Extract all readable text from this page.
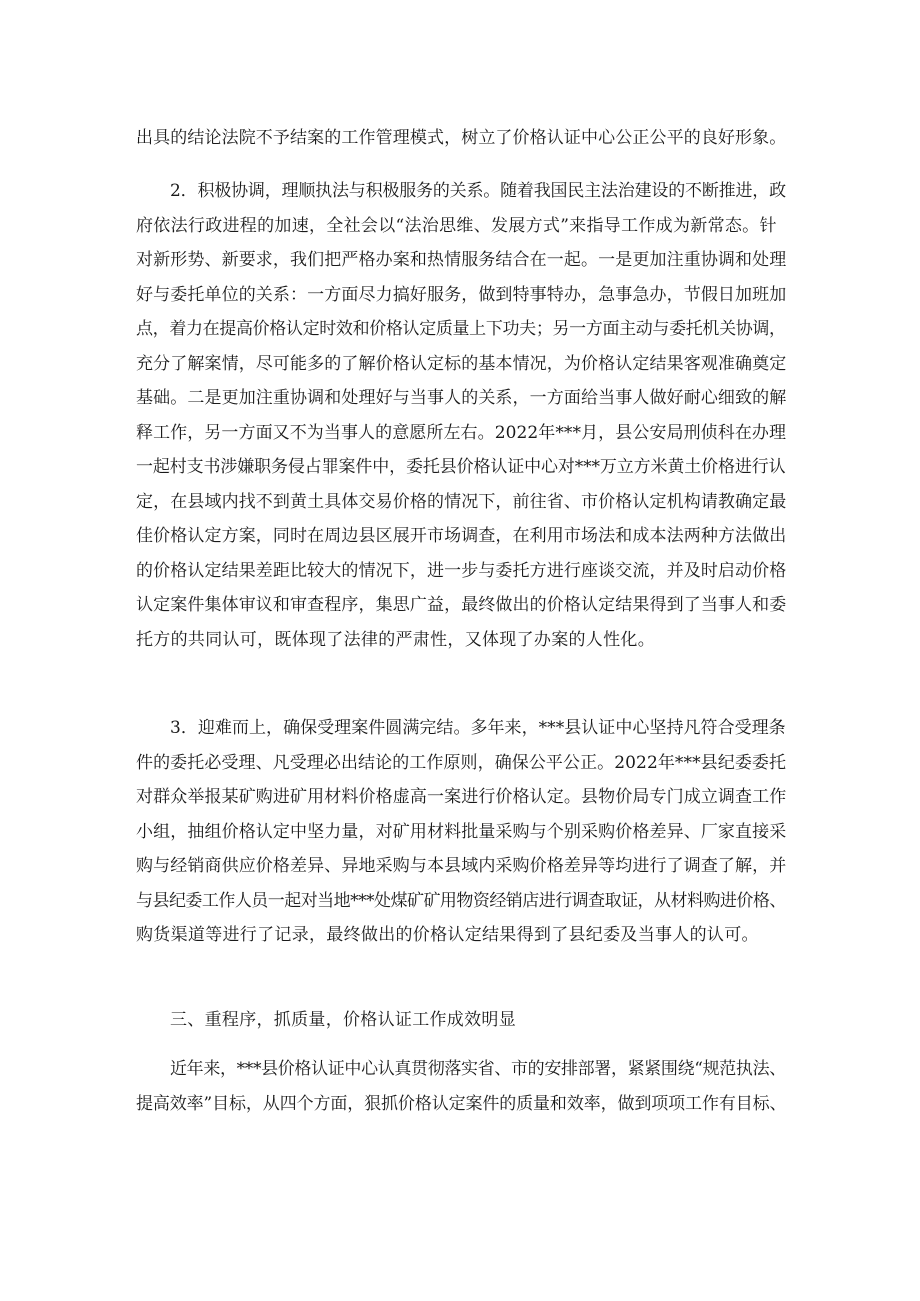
出具的结论法院不予结案的工作管理模式，树立了价格认证中心公正公平的良好形象。

2．积极协调，理顺执法与积极服务的关系。随着我国民主法治建设的不断推进，政
府依法行政进程的加速，全社会以“法治思维、发展方式”来指导工作成为新常态。针
对新形势、新要求，我们把严格办案和热情服务结合在一起。一是更加注重协调和处理
好与委托单位的关系：一方面尽力搞好服务，做到特事特办，急事急办，节假日加班加
点，着力在提高价格认定时效和价格认定质量上下功夫；另一方面主动与委托机关协调，
充分了解案情，尽可能多的了解价格认定标的基本情况，为价格认定结果客观准确奠定
基础。二是更加注重协调和处理好与当事人的关系，一方面给当事人做好耐心细致的解
释工作，另一方面又不为当事人的意愿所左右。2022年***月，县公安局刑侦科在办理
一起村支书涉嫌职务侵占罪案件中，委托县价格认证中心对***万立方米黄土价格进行认
定，在县域内找不到黄土具体交易价格的情况下，前往省、市价格认定机构请教确定最
佳价格认定方案，同时在周边县区展开市场调查，在利用市场法和成本法两种方法做出
的价格认定结果差距比较大的情况下，进一步与委托方进行座谈交流，并及时启动价格
认定案件集体审议和审查程序，集思广益，最终做出的价格认定结果得到了当事人和委
托方的共同认可，既体现了法律的严肃性，又体现了办案的人性化。

3．迎难而上，确保受理案件圆满完结。多年来，***县认证中心坚持凡符合受理条
件的委托必受理、凡受理必出结论的工作原则，确保公平公正。2022年***县纪委委托
对群众举报某矿购进矿用材料价格虚高一案进行价格认定。县物价局专门成立调查工作
小组，抽组价格认定中坚力量，对矿用材料批量采购与个别采购价格差异、厂家直接采
购与经销商供应价格差异、异地采购与本县域内采购价格差异等均进行了调查了解，并
与县纪委工作人员一起对当地***处煤矿矿用物资经销店进行调查取证，从材料购进价格、
购货渠道等进行了记录，最终做出的价格认定结果得到了县纪委及当事人的认可。

三、重程序，抓质量，价格认证工作成效明显

近年来，***县价格认证中心认真贯彻落实省、市的安排部署，紧紧围绕“规范执法、
提高效率”目标，从四个方面，狠抓价格认定案件的质量和效率，做到项项工作有目标、
